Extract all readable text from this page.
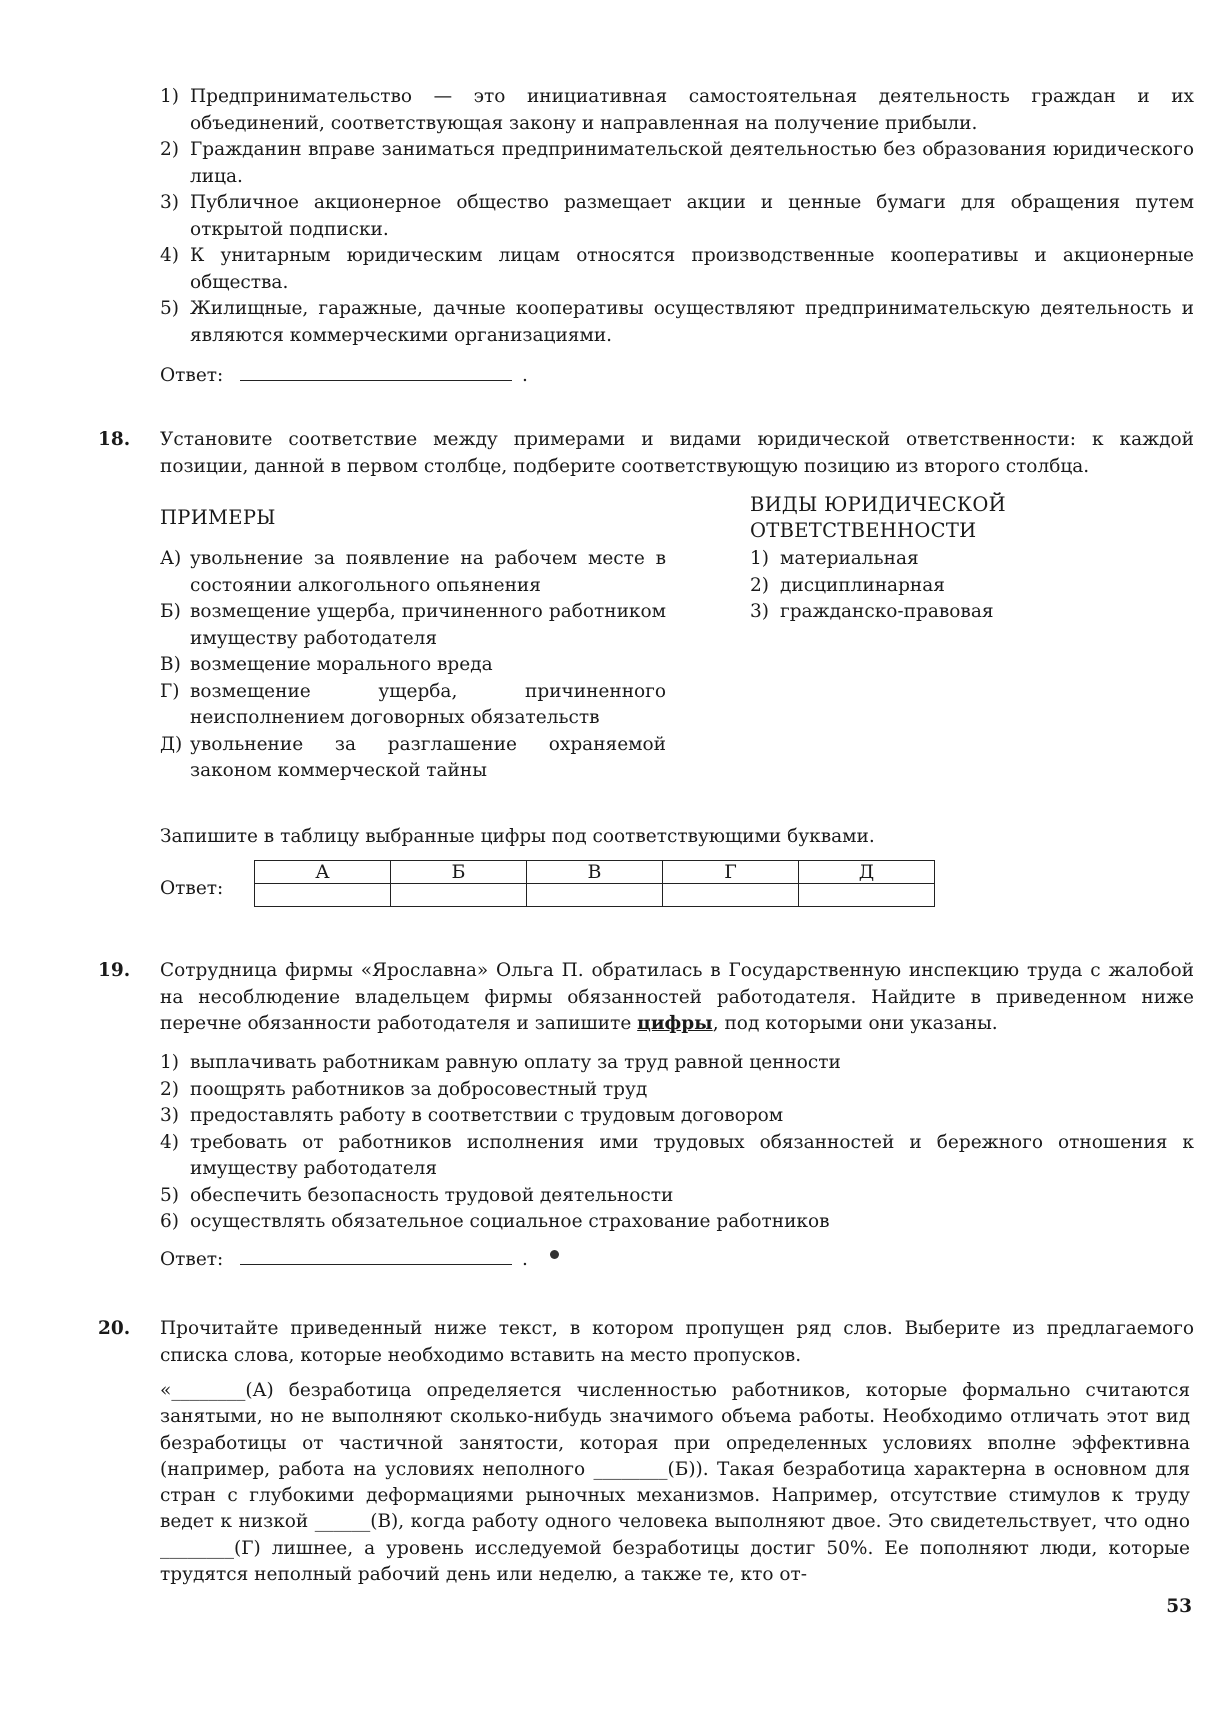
1) Предпринимательство — это инициативная самостоятельная деятельность граждан и их объединений, соответствующая закону и направленная на получение прибыли.
2) Гражданин вправе заниматься предпринимательской деятельностью без образования юридического лица.
3) Публичное акционерное общество размещает акции и ценные бумаги для обращения путем открытой подписки.
4) К унитарным юридическим лицам относятся производственные кооперативы и акционерные общества.
5) Жилищные, гаражные, дачные кооперативы осуществляют предпринимательскую деятельность и являются коммерческими организациями.
Ответ:	.
18. Установите соответствие между примерами и видами юридической ответственности: к каждой позиции, данной в первом столбце, подберите соответствующую позицию из второго столбца.
ПРИМЕРЫ
ВИДЫ ЮРИДИЧЕСКОЙ
ОТВЕТСТВЕННОСТИ
А) увольнение за появление на рабочем месте в состоянии алкогольного опьянения
Б) возмещение ущерба, причиненного работником имуществу работодателя
В) возмещение морального вреда
Г) возмещение ущерба, причиненного неисполнением договорных обязательств
Д) увольнение за разглашение охраняемой законом коммерческой тайны
1) материальная
2) дисциплинарная
3) гражданско-правовая
Запишите в таблицу выбранные цифры под соответствующими буквами.
Ответ:
А	Б	В	Г	Д

19. Сотрудница фирмы «Ярославна» Ольга П. обратилась в Государственную инспекцию труда с жалобой на несоблюдение владельцем фирмы обязанностей работодателя. Найдите в приведенном ниже перечне обязанности работодателя и запишите цифры, под которыми они указаны.
1) выплачивать работникам равную оплату за труд равной ценности
2) поощрять работников за добросовестный труд
3) предоставлять работу в соответствии с трудовым договором
4) требовать от работников исполнения ими трудовых обязанностей и бережного отношения к имуществу работодателя
5) обеспечить безопасность трудовой деятельности
6) осуществлять обязательное социальное страхование работников
Ответ:	.
20. Прочитайте приведенный ниже текст, в котором пропущен ряд слов. Выберите из предлагаемого списка слова, которые необходимо вставить на место пропусков.

«________(А) безработица определяется численностью работников, которые формально считаются занятыми, но не выполняют сколько-нибудь значимого объема работы. Необходимо отличать этот вид безработицы от частичной занятости, которая при определенных условиях вполне эффективна (например, работа на условиях неполного ________(Б)). Такая безработица характерна в основном для стран с глубокими деформациями рыночных механизмов. Например, отсутствие стимулов к труду ведет к низкой ______(В), когда работу одного человека выполняют двое. Это свидетельствует, что одно ________(Г) лишнее, а уровень исследуемой безработицы достиг 50%. Ее пополняют люди, которые трудятся неполный рабочий день или неделю, а также те, кто от-

53
